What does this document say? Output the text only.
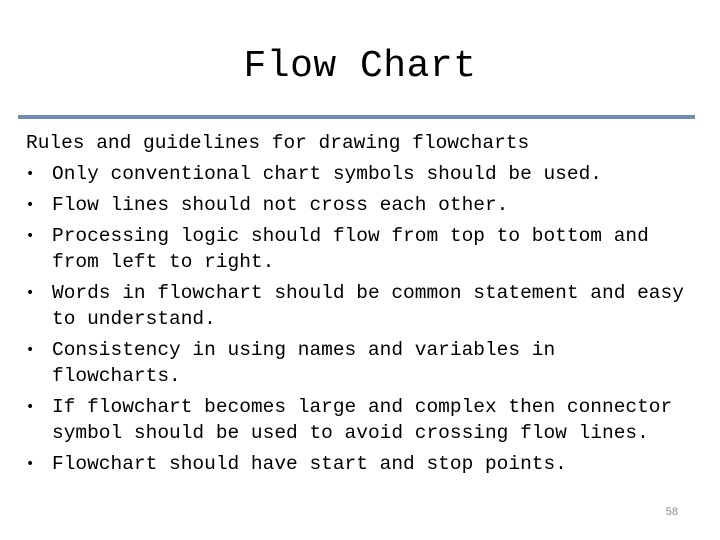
Flow Chart

Rules and guidelines for drawing flowcharts

• Only conventional chart symbols should be used.
• Flow lines should not cross each other.
• Processing logic should flow from top to bottom and from left to right.
• Words in flowchart should be common statement and easy to understand.
• Consistency in using names and variables in flowcharts.
• If flowchart becomes large and complex then connector symbol should be used to avoid crossing flow lines.
• Flowchart should have start and stop points.
58
